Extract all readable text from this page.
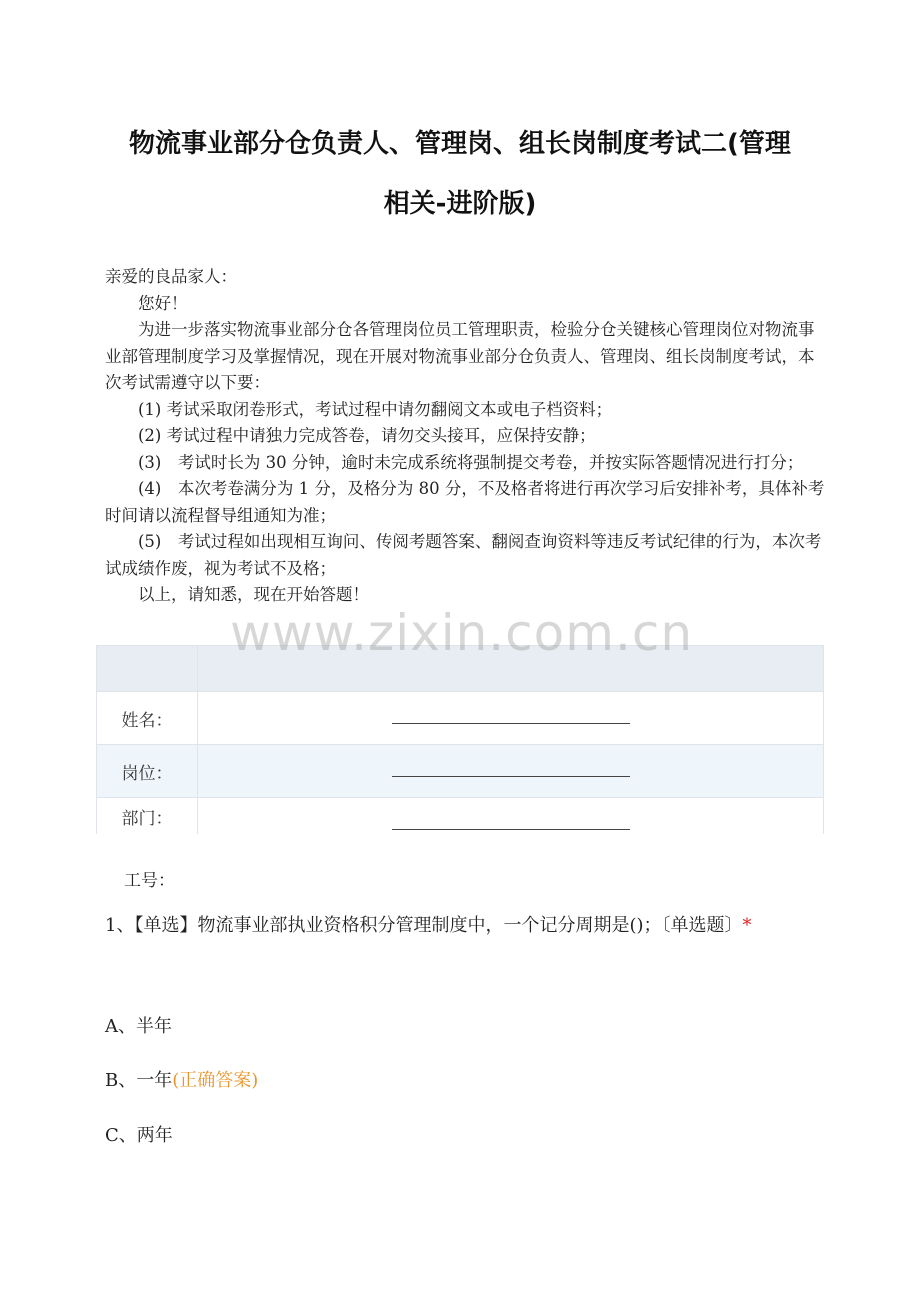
物流事业部分仓负责人、管理岗、组长岗制度考试二(管理
相关-进阶版)

亲爱的良品家人：

您好！

为进一步落实物流事业部分仓各管理岗位员工管理职责，检验分仓关键核心管理岗位对物流事业部管理制度学习及掌握情况，现在开展对物流事业部分仓负责人、管理岗、组长岗制度考试，本次考试需遵守以下要：

(1) 考试采取闭卷形式，考试过程中请勿翻阅文本或电子档资料；

(2) 考试过程中请独力完成答卷，请勿交头接耳，应保持安静；

(3)　考试时长为 30 分钟，逾时未完成系统将强制提交考卷，并按实际答题情况进行打分；

(4)　本次考卷满分为 1 分，及格分为 80 分，不及格者将进行再次学习后安排补考，具体补考时间请以流程督导组通知为准；

(5)　考试过程如出现相互询问、传阅考题答案、翻阅查询资料等违反考试纪律的行为，本次考试成绩作废，视为考试不及格；

以上，请知悉，现在开始答题！

www.zixin.com.cn

姓名：	
岗位：	
部门：	
工号：
1、【单选】物流事业部执业资格积分管理制度中，一个记分周期是()；〔单选题〕*
A、半年
B、一年(正确答案)
C、两年
